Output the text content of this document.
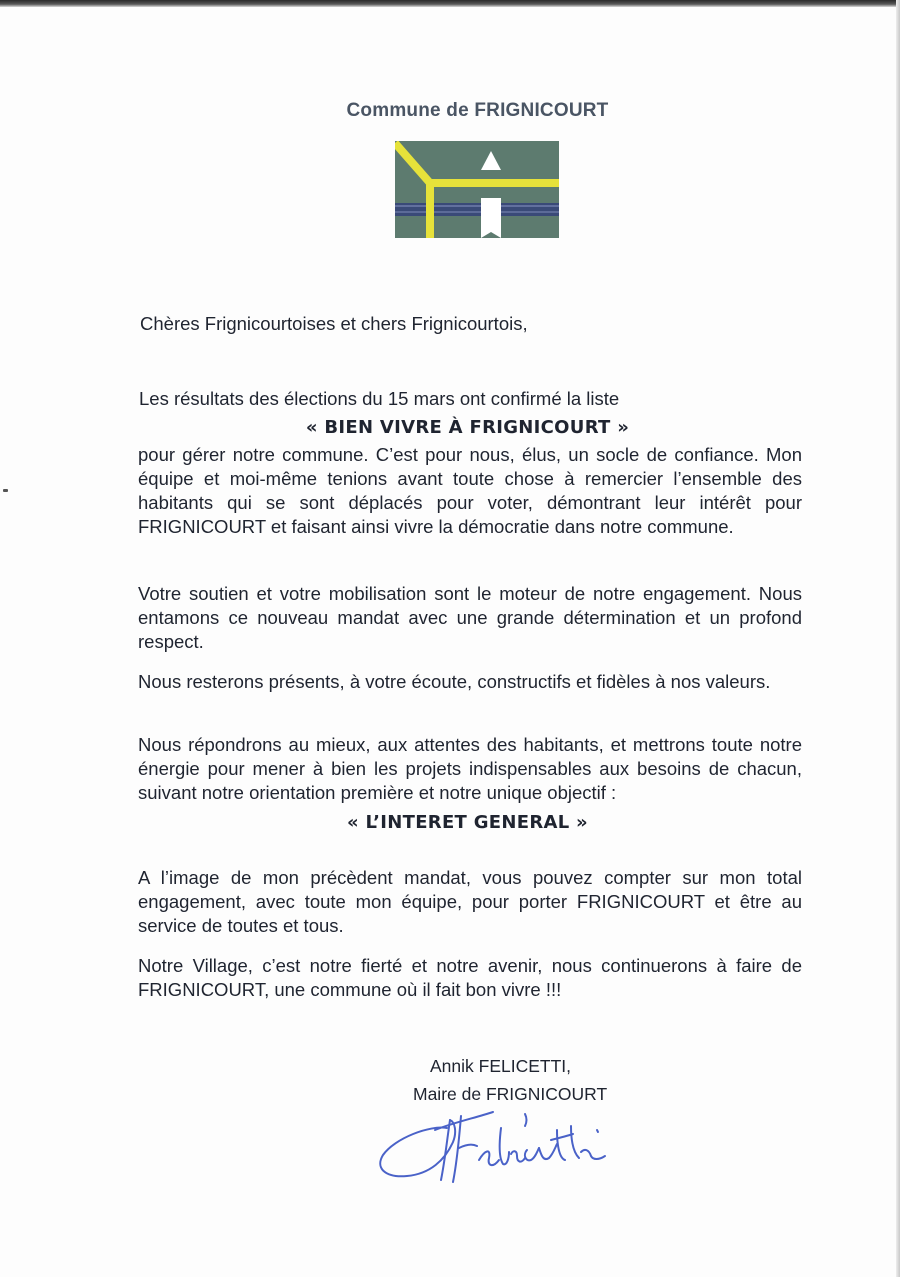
Commune de FRIGNICOURT
Chères Frignicourtoises et chers Frignicourtois,
Les résultats des élections du 15 mars ont confirmé la liste
« BIEN VIVRE À FRIGNICOURT »
pour gérer notre commune. C’est pour nous, élus, un socle de confiance. Mon équipe et moi-même tenions avant toute chose à remercier l’ensemble des habitants qui se sont déplacés pour voter, démontrant leur intérêt pour FRIGNICOURT et faisant ainsi vivre la démocratie dans notre commune.
Votre soutien et votre mobilisation sont le moteur de notre engagement. Nous entamons ce nouveau mandat avec une grande détermination et un profond respect.
Nous resterons présents, à votre écoute, constructifs et fidèles à nos valeurs.
Nous répondrons au mieux, aux attentes des habitants, et mettrons toute notre énergie pour mener à bien les projets indispensables aux besoins de chacun, suivant notre orientation première et notre unique objectif :
« L’INTERET GENERAL »
A l’image de mon précèdent mandat, vous pouvez compter sur mon total engagement, avec toute mon équipe, pour porter FRIGNICOURT et être au service de toutes et tous.
Notre Village, c’est notre fierté et notre avenir, nous continuerons à faire de FRIGNICOURT, une commune où il fait bon vivre !!!
Annik FELICETTI,
Maire de FRIGNICOURT
